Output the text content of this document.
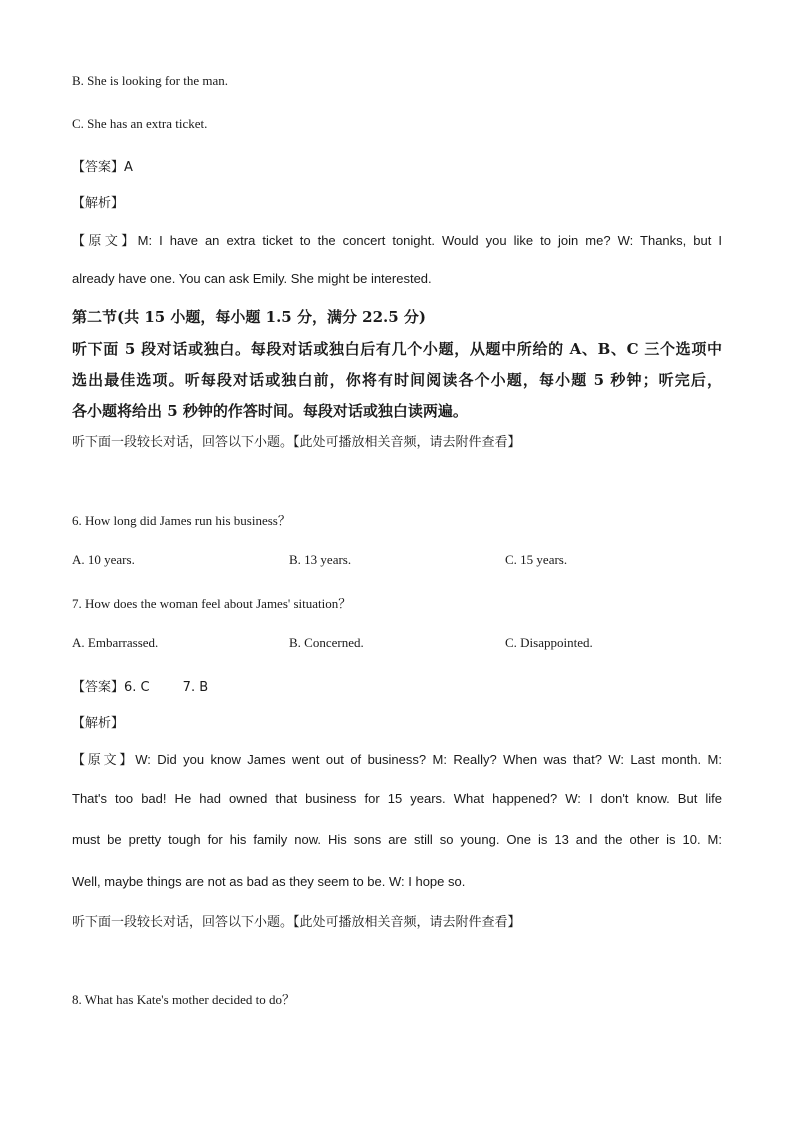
B. She is looking for the man.
C. She has an extra ticket.
【答案】A
【解析】
【原文】M: I have an extra ticket to the concert tonight. Would you like to join me? W: Thanks, but I
already have one. You can ask Emily. She might be interested.
第二节(共 15 小题，每小题 1.5 分，满分 22.5 分)
听下面 5 段对话或独白。每段对话或独白后有几个小题，从题中所给的 A、B、C 三个选项中
选出最佳选项。听每段对话或独白前，你将有时间阅读各个小题，每小题 5 秒钟；听完后，
各小题将给出 5 秒钟的作答时间。每段对话或独白读两遍。
听下面一段较长对话，回答以下小题。【此处可播放相关音频，请去附件查看】
6. How long did James run his business？
A. 10 years.	B. 13 years.	C. 15 years.
7. How does the woman feel about James' situation？
A. Embarrassed.	B. Concerned.	C. Disappointed.
【答案】6. C        7. B
【解析】
【原文】W: Did you know James went out of business? M: Really? When was that? W: Last month. M:
That's too bad! He had owned that business for 15 years. What happened? W: I don't know. But life
must be pretty tough for his family now. His sons are still so young. One is 13 and the other is 10. M:
Well, maybe things are not as bad as they seem to be. W: I hope so.
听下面一段较长对话，回答以下小题。【此处可播放相关音频，请去附件查看】
8. What has Kate's mother decided to do？
